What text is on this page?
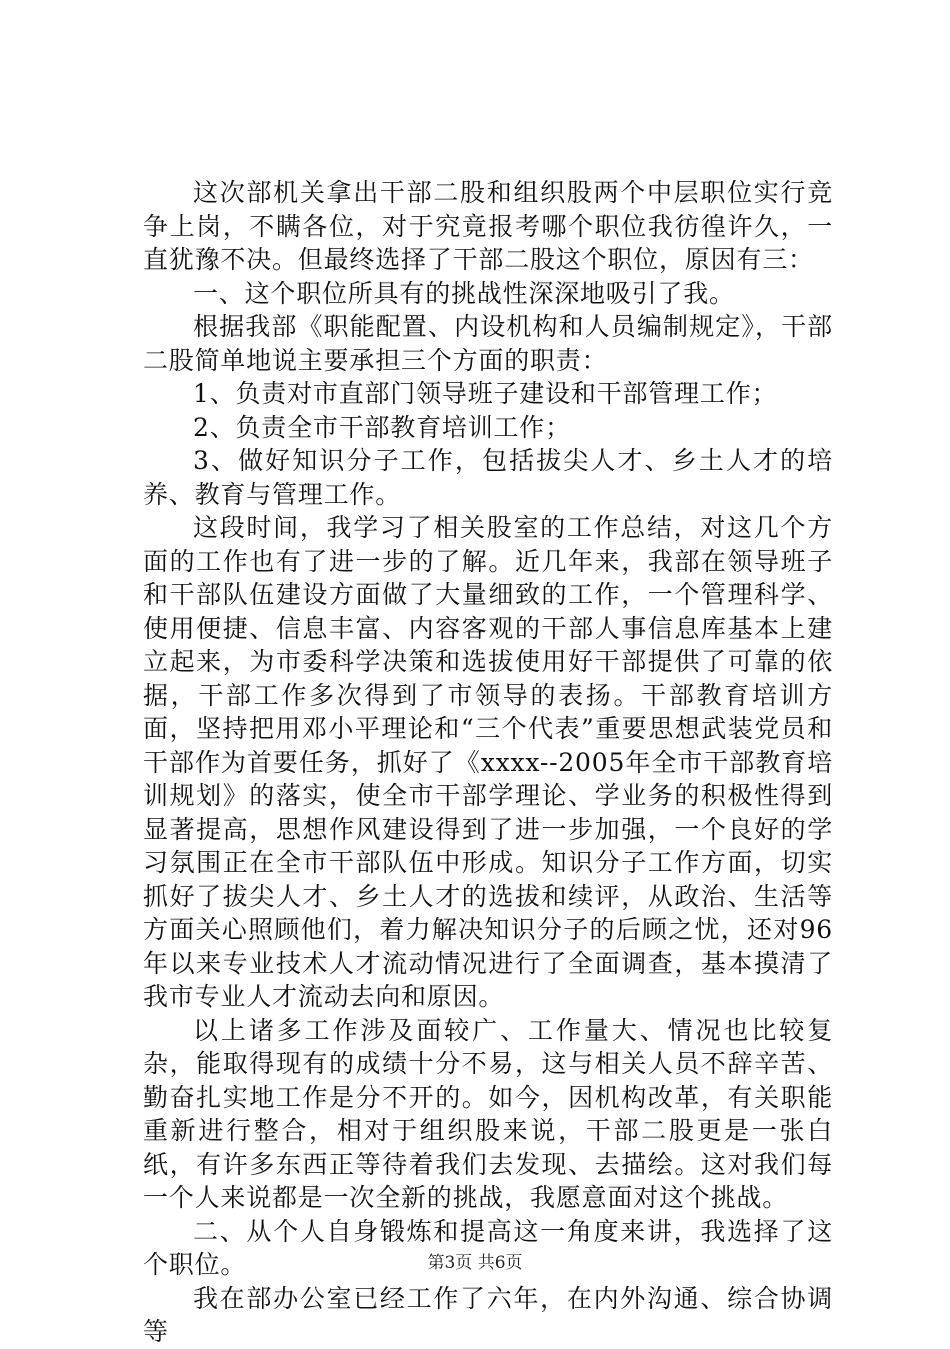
这次部机关拿出干部二股和组织股两个中层职位实行竞争上岗，不瞒各位，对于究竟报考哪个职位我彷徨许久，一直犹豫不决。但最终选择了干部二股这个职位，原因有三：

一、这个职位所具有的挑战性深深地吸引了我。

根据我部《职能配置、内设机构和人员编制规定》，干部二股简单地说主要承担三个方面的职责：

1、负责对市直部门领导班子建设和干部管理工作；

2、负责全市干部教育培训工作；

3、做好知识分子工作，包括拔尖人才、乡土人才的培养、教育与管理工作。

这段时间，我学习了相关股室的工作总结，对这几个方面的工作也有了进一步的了解。近几年来，我部在领导班子和干部队伍建设方面做了大量细致的工作，一个管理科学、使用便捷、信息丰富、内容客观的干部人事信息库基本上建立起来，为市委科学决策和选拔使用好干部提供了可靠的依据，干部工作多次得到了市领导的表扬。干部教育培训方面，坚持把用邓小平理论和“三个代表”重要思想武装党员和干部作为首要任务，抓好了《xxxx--2005年全市干部教育培训规划》的落实，使全市干部学理论、学业务的积极性得到显著提高，思想作风建设得到了进一步加强，一个良好的学习氛围正在全市干部队伍中形成。知识分子工作方面，切实抓好了拔尖人才、乡土人才的选拔和续评，从政治、生活等方面关心照顾他们，着力解决知识分子的后顾之忧，还对96年以来专业技术人才流动情况进行了全面调查，基本摸清了我市专业人才流动去向和原因。

以上诸多工作涉及面较广、工作量大、情况也比较复杂，能取得现有的成绩十分不易，这与相关人员不辞辛苦、勤奋扎实地工作是分不开的。如今，因机构改革，有关职能重新进行整合，相对于组织股来说，干部二股更是一张白纸，有许多东西正等待着我们去发现、去描绘。这对我们每一个人来说都是一次全新的挑战，我愿意面对这个挑战。

二、从个人自身锻炼和提高这一角度来讲，我选择了这个职位。

我在部办公室已经工作了六年，在内外沟通、综合协调等

第3页 共6页
